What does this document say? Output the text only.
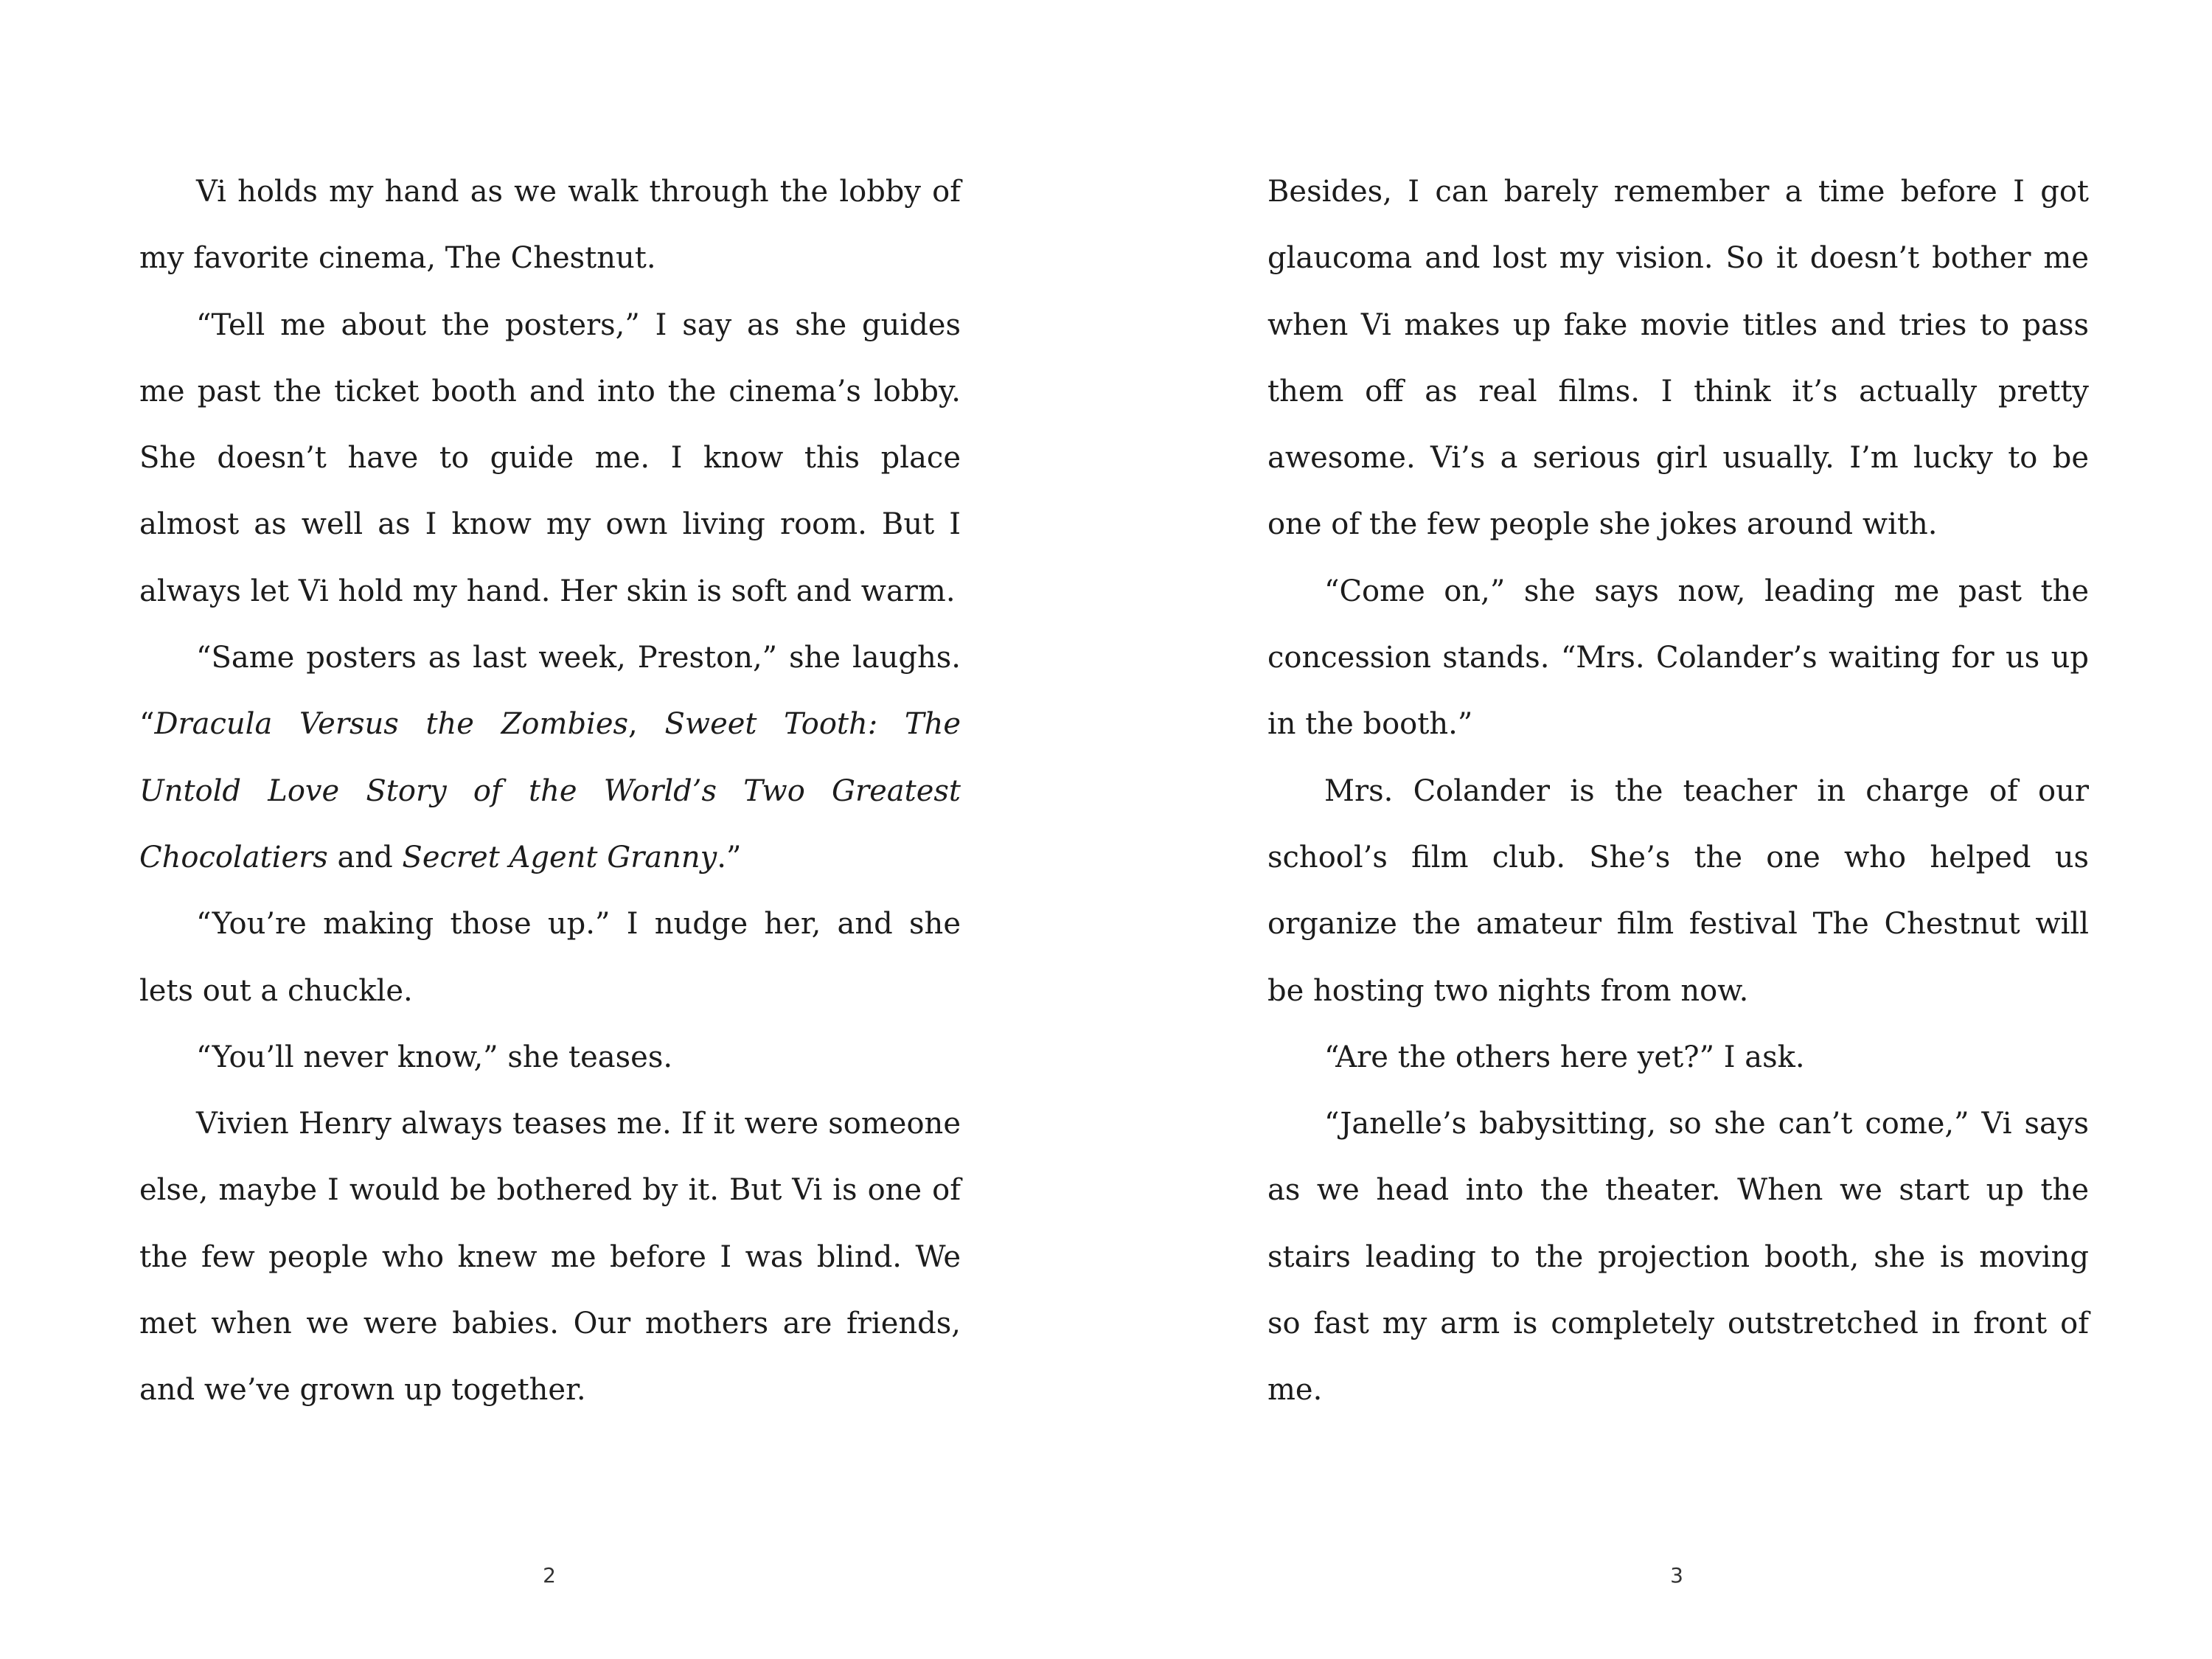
Vi holds my hand as we walk through the lobby of my favorite cinema, The Chestnut.

“Tell me about the posters,” I say as she guides me past the ticket booth and into the cinema’s lobby. She doesn’t have to guide me. I know this place almost as well as I know my own living room. But I always let Vi hold my hand. Her skin is soft and warm.

“Same posters as last week, Preston,” she laughs. “Dracula Versus the Zombies, Sweet Tooth: The Untold Love Story of the World’s Two Greatest Chocolatiers and Secret Agent Granny.”

“You’re making those up.” I nudge her, and she lets out a chuckle.

“You’ll never know,” she teases.

Vivien Henry always teases me. If it were someone else, maybe I would be bothered by it. But Vi is one of the few people who knew me before I was blind. We met when we were babies. Our mothers are friends, and we’ve grown up together.

Besides, I can barely remember a time before I got glaucoma and lost my vision. So it doesn’t bother me when Vi makes up fake movie titles and tries to pass them off as real films. I think it’s actually pretty awesome. Vi’s a serious girl usually. I’m lucky to be one of the few people she jokes around with.

“Come on,” she says now, leading me past the concession stands. “Mrs. Colander’s waiting for us up in the booth.”

Mrs. Colander is the teacher in charge of our school’s film club. She’s the one who helped us organize the amateur film festival The Chestnut will be hosting two nights from now.

“Are the others here yet?” I ask.

“Janelle’s babysitting, so she can’t come,” Vi says as we head into the theater. When we start up the stairs leading to the projection booth, she is moving so fast my arm is completely outstretched in front of me.

2	3
